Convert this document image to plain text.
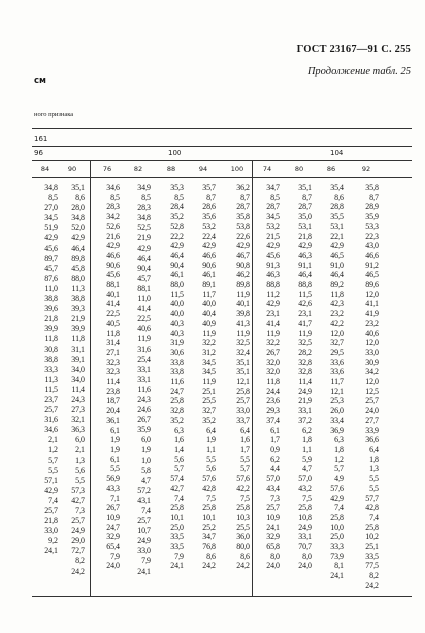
ГОСТ 23167—91 С. 255
Продолжение табл. 25
см
ного признака
161
96	100	104
84
34,8
8,5
27,0
34,5
51,9
42,9
45,6
89,7
45,7
87,6
11,0
38,8
39,6
21,8
39,9
11,8
30,8
38,8
33,3
11,3
11,5
23,7
25,7
31,6
34,6
2,1
1,2
5,7
5,5
57,1
42,9
7,4
25,7
21,8
33,0
9,2
24,1
90
35,1
8,6
28,0
34,8
52,0
42,9
46,4
89,8
45,8
88,0
11,3
38,8
39,3
21,9
39,9
11,8
31,1
39,1
34,0
34,0
11,4
24,3
27,3
32,1
36,3
6,0
2,1
1,3
5,6
5,5
57,3
42,7
7,3
25,7
24,9
29,0
72,7
8,2
24,2
76
34,6
8,5
28,3
34,2
52,6
21,6
42,9
46,6
90,6
45,6
88,1
40,1
41,4
22,5
40,5
11,8
31,4
27,1
32,3
32,3
11,4
23,8
18,7
20,4
36,1
6,1
1,9
1,9
6,1
5,5
56,9
43,3
7,1
26,7
10,9
24,7
32,9
65,4
7,9
24,0
82
34,9
8,5
28,3
34,8
52,5
21,9
42,9
46,4
90,4
45,7
88,1
11,0
41,4
22,5
40,6
11,9
31,6
25,4
33,1
33,1
11,6
24,3
24,6
26,7
35,9
6,0
1,9
1,0
5,8
4,7
57,2
43,1
7,4
25,7
10,7
24,9
33,0
7,9
24,1
88
35,3
8,5
28,4
35,2
52,8
22,2
42,9
46,4
90,4
46,1
88,0
11,5
40,0
40,0
40,3
40,3
31,9
30,6
33,8
33,8
11,6
24,7
25,8
32,8
35,2
6,3
1,6
1,4
5,6
5,7
57,4
42,7
7,4
25,8
10,1
25,0
33,5
33,5
7,9
24,1
94
35,7
8,7
28,6
35,6
53,2
22,4
42,9
46,6
90,6
46,1
89,1
11,7
40,0
40,4
40,9
11,9
32,2
31,2
34,5
34,5
11,9
25,1
25,5
32,7
35,2
6,4
1,9
1,1
5,5
5,6
57,6
42,8
7,5
25,8
10,1
25,2
34,7
76,8
8,6
24,2
100
36,2
8,7
28,7
35,8
53,8
22,6
42,9
46,7
90,8
46,2
89,8
11,9
40,1
39,8
41,3
11,9
32,5
32,4
35,1
35,1
12,1
25,8
25,7
33,0
33,7
6,4
1,6
1,7
5,5
5,7
57,6
42,2
7,5
25,8
10,3
25,5
36,0
80,0
8,6
24,2
74
34,7
8,5
28,7
34,5
53,2
21,5
42,9
45,6
91,3
46,3
88,8
11,2
42,9
23,1
41,4
11,9
32,2
26,7
32,0
32,0
11,8
24,4
23,6
29,3
37,4
6,1
1,7
0,9
6,2
4,4
57,0
43,4
7,3
25,7
10,9
24,1
32,9
65,8
8,0
24,0
80
35,1
8,7
28,7
35,0
53,1
21,8
42,9
46,3
91,1
46,4
88,8
11,5
42,6
23,1
41,7
11,9
32,5
28,2
32,8
32,8
11,4
24,9
21,9
33,1
37,2
6,2
1,8
1,1
5,9
4,7
57,0
43,2
7,5
25,8
10,8
24,9
33,1
70,7
8,0
24,0
86
35,4
8,6
28,8
35,5
53,1
22,1
42,9
46,5
91,0
46,4
89,2
11,8
42,3
23,2
42,2
12,0
32,7
29,5
33,6
33,6
11,7
12,1
25,3
26,0
33,4
36,9
6,3
1,8
1,2
5,7
4,9
57,6
42,9
7,4
25,8
10,0
25,0
33,3
73,9
8,1
24,1
92
35,8
8,7
28,9
35,9
53,3
22,3
43,0
46,6
91,2
46,5
89,6
12,0
41,1
41,9
23,2
40,6
12,0
33,0
30,9
34,2
12,0
12,5
25,7
24,0
27,7
33,9
36,6
6,4
1,8
1,3
5,5
5,5
57,7
42,8
7,4
25,8
10,2
25,1
33,5
77,5
8,2
24,2
